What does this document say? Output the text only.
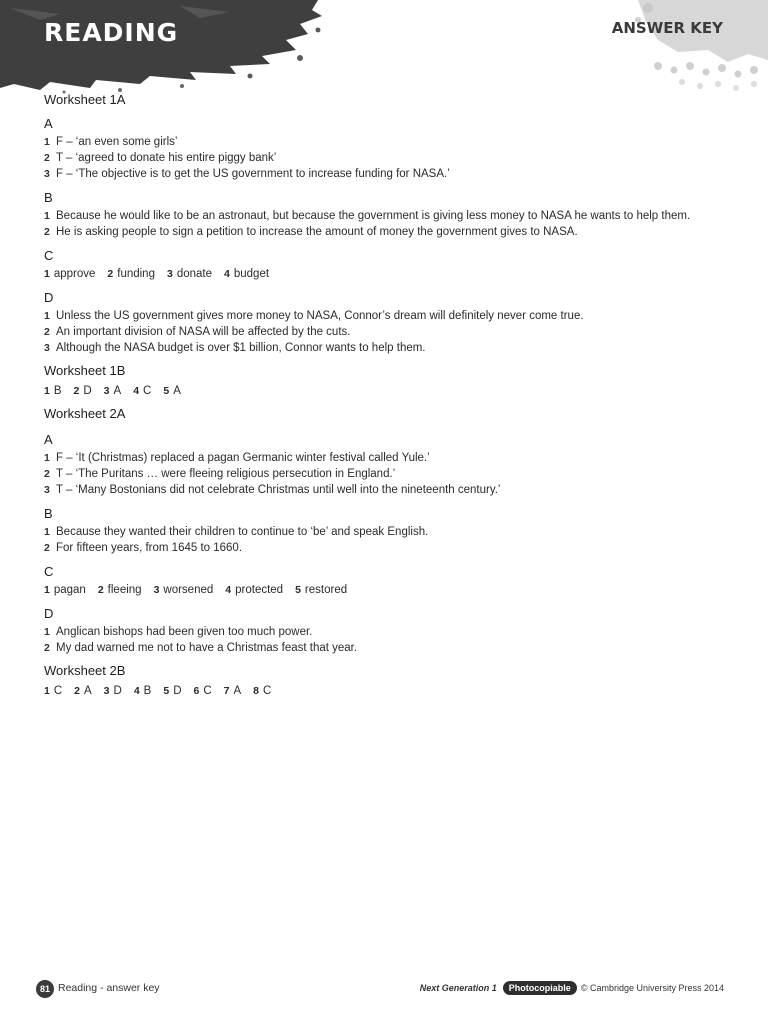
READING	ANSWER KEY
Worksheet 1A
A
1 F – ‘an even some girls’
2 T – ‘agreed to donate his entire piggy bank’
3 F – ‘The objective is to get the US government to increase funding for NASA.’
B
1 Because he would like to be an astronaut, but because the government is giving less money to NASA he wants to help them.
2 He is asking people to sign a petition to increase the amount of money the government gives to NASA.
C
1 approve 2 funding 3 donate 4 budget
D
1 Unless the US government gives more money to NASA, Connor’s dream will definitely never come true.
2 An important division of NASA will be affected by the cuts.
3 Although the NASA budget is over $1 billion, Connor wants to help them.
Worksheet 1B
1 B 2 D 3 A 4 C 5 A
Worksheet 2A
A
1 F – ‘It (Christmas) replaced a pagan Germanic winter festival called Yule.’
2 T – ‘The Puritans … were fleeing religious persecution in England.’
3 T – ‘Many Bostonians did not celebrate Christmas until well into the nineteenth century.’
B
1 Because they wanted their children to continue to ‘be’ and speak English.
2 For fifteen years, from 1645 to 1660.
C
1 pagan 2 fleeing 3 worsened 4 protected 5 restored
D
1 Anglican bishops had been given too much power.
2 My dad warned me not to have a Christmas feast that year.
Worksheet 2B
1 C 2 A 3 D 4 B 5 D 6 C 7 A 8 C
81 Reading - answer key	Next Generation 1	Photocopiable	© Cambridge University Press 2014
